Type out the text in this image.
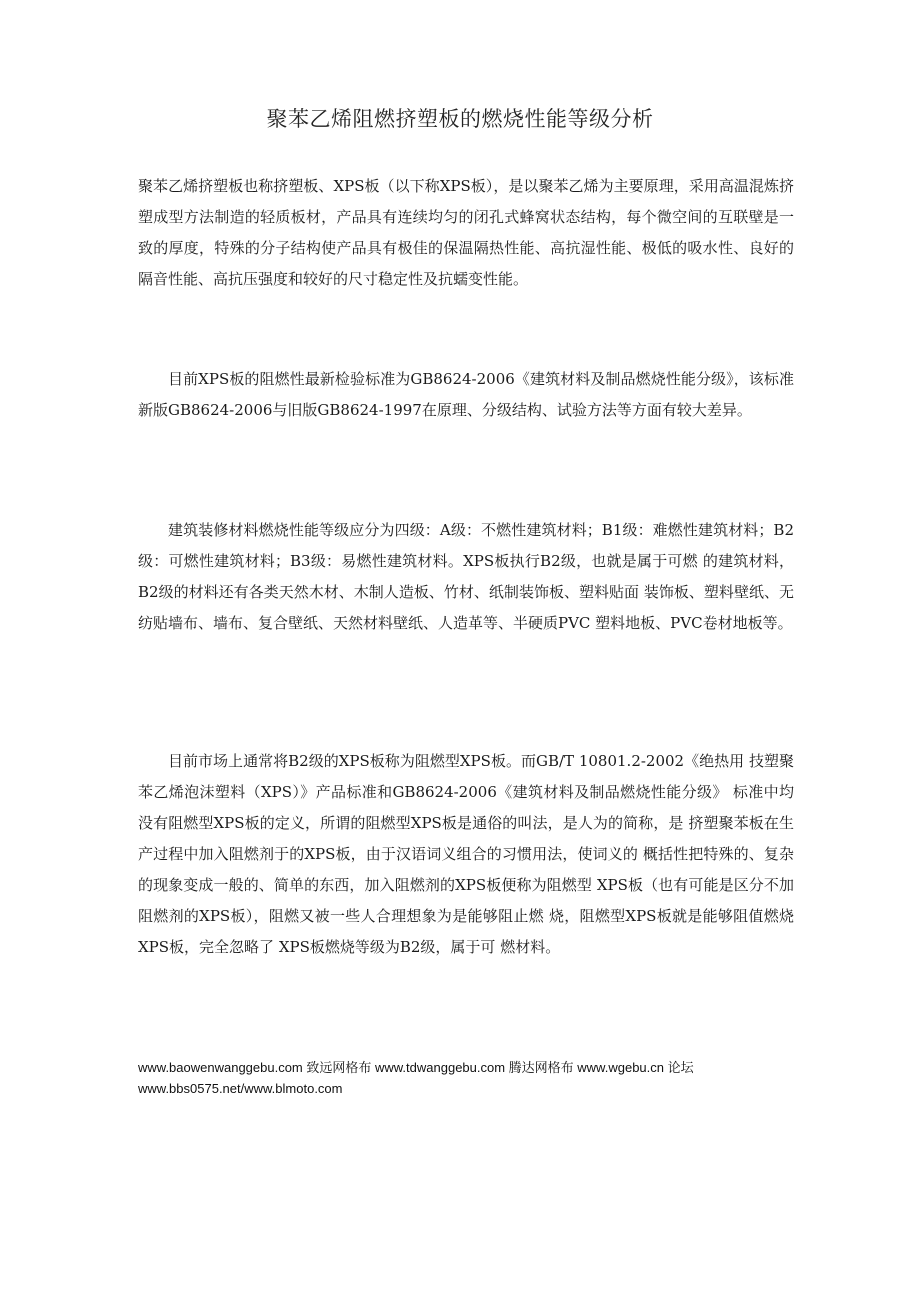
聚苯乙烯阻燃挤塑板的燃烧性能等级分析

聚苯乙烯挤塑板也称挤塑板、XPS板（以下称XPS板），是以聚苯乙烯为主要原理，采用高温混炼挤塑成型方法制造的轻质板材，产品具有连续均匀的闭孔式蜂窝状态结构，每个微空间的互联壁是一致的厚度，特殊的分子结构使产品具有极佳的保温隔热性能、高抗湿性能、极低的吸水性、良好的隔音性能、高抗压强度和较好的尺寸稳定性及抗蠕变性能。

目前XPS板的阻燃性最新检验标准为GB8624-2006《建筑材料及制品燃烧性能分级》，该标准新版GB8624-2006与旧版GB8624-1997在原理、分级结构、试验方法等方面有较大差异。

建筑装修材料燃烧性能等级应分为四级：A级：不燃性建筑材料；B1级：难燃性建筑材料；B2级：可燃性建筑材料；B3级：易燃性建筑材料。XPS板执行B2级，也就是属于可燃 的建筑材料，B2级的材料还有各类天然木材、木制人造板、竹材、纸制装饰板、塑料贴面 装饰板、塑料壁纸、无纺贴墙布、墙布、复合壁纸、天然材料壁纸、人造革等、半硬质PVC 塑料地板、PVC卷材地板等。

目前市场上通常将B2级的XPS板称为阻燃型XPS板。而GB/T 10801.2-2002《绝热用 技塑聚苯乙烯泡沫塑料（XPS）》产品标准和GB8624-2006《建筑材料及制品燃烧性能分级》 标准中均没有阻燃型XPS板的定义，所谓的阻燃型XPS板是通俗的叫法，是人为的简称，是 挤塑聚苯板在生产过程中加入阻燃剂于的XPS板，由于汉语词义组合的习惯用法，使词义的 概括性把特殊的、复杂的现象变成一般的、简单的东西，加入阻燃剂的XPS板便称为阻燃型 XPS板（也有可能是区分不加阻燃剂的XPS板），阻燃又被一些人合理想象为是能够阻止燃 烧，阻燃型XPS板就是能够阻值燃烧XPS板，完全忽略了 XPS板燃烧等级为B2级，属于可 燃材料。

www.baowenwanggebu.com 致远网格布 www.tdwanggebu.com 腾达网格布 www.wgebu.cn 论坛
www.bbs0575.net/www.blmoto.com
